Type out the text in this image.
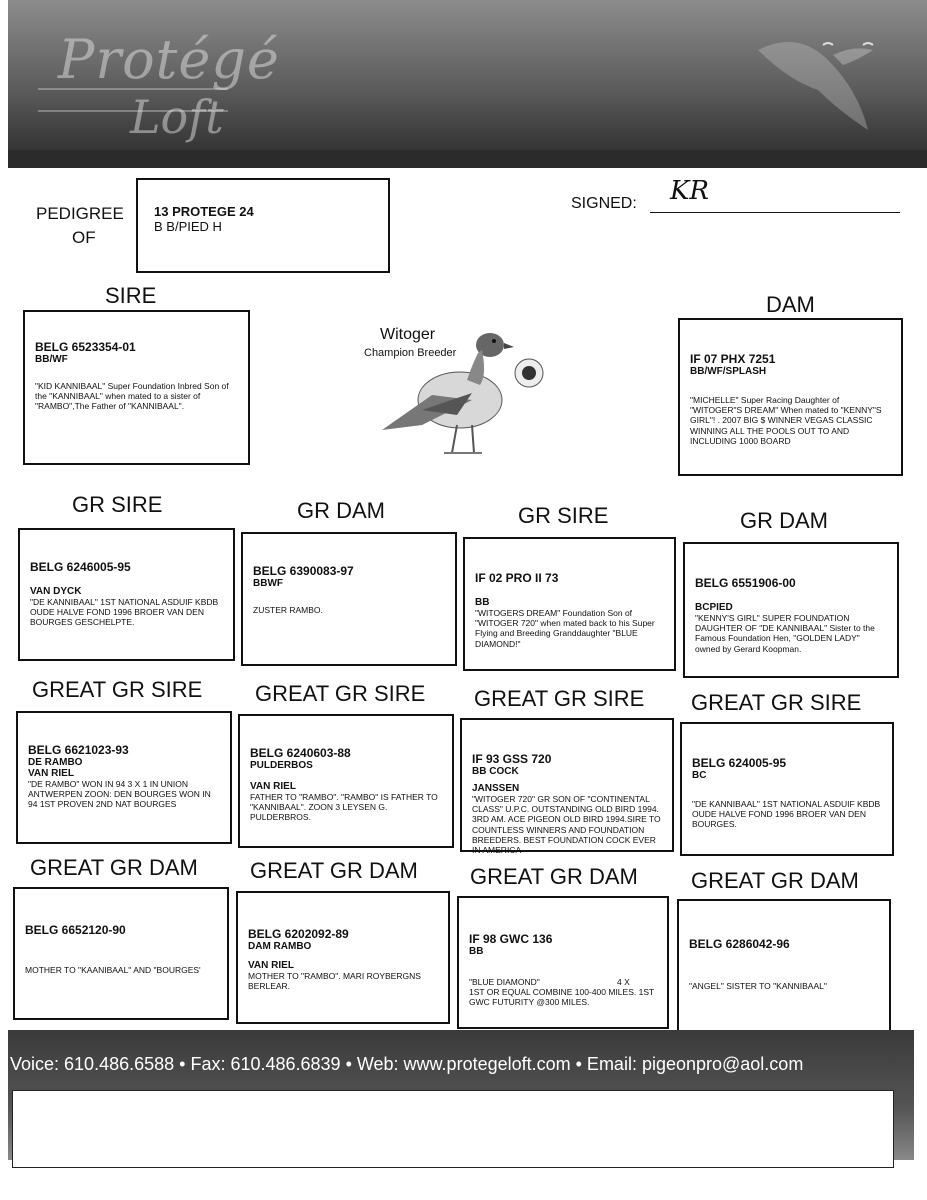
Protégé
Loft
PEDIGREE
OF
13 PROTEGE 24
B B/PIED H
SIGNED: KR
SIRE	DAM
BELG 6523354-01
BB/WF
"KID KANNIBAAL" Super Foundation Inbred Son of the "KANNIBAAL" when mated to a sister of "RAMBO",The Father of "KANNIBAAL".
Witoger
Champion Breeder	IF 07 PHX 7251
BB/WF/SPLASH
"MICHELLE" Super Racing Daughter of "WITOGER"S DREAM" When mated to "KENNY"S GIRL"! . 2007 BIG $ WINNER VEGAS CLASSIC WINNING ALL THE POOLS OUT TO AND INCLUDING 1000 BOARD
GR SIRE	GR DAM	GR SIRE	GR DAM
BELG 6246005-95
VAN DYCK
"DE KANNIBAAL" 1ST NATIONAL ASDUIF KBDB OUDE HALVE FOND 1996 BROER VAN DEN BOURGES GESCHELPTE.
BELG 6390083-97
BBWF
ZUSTER RAMBO.
IF 02 PRO II 73
BB
"WITOGERS DREAM" Foundation Son of "WITOGER 720" when mated back to his Super Flying and Breeding Granddaughter "BLUE DIAMOND!"
BELG 6551906-00
BCPIED
"KENNY'S GIRL" SUPER FOUNDATION DAUGHTER OF "DE KANNIBAAL" Sister to the Famous Foundation Hen, "GOLDEN LADY" owned by Gerard Koopman.
GREAT GR SIRE GREAT GR SIRE GREAT GR SIRE GREAT GR SIRE
BELG 6621023-93
DE RAMBO
VAN RIEL
"DE RAMBO" WON IN 94 3 X 1 IN UNION ANTWERPEN ZOON: DEN BOURGES WON IN 94 1ST PROVEN 2ND NAT BOURGES
BELG 6240603-88
PULDERBOS
VAN RIEL
FATHER TO "RAMBO". "RAMBO" IS FATHER TO "KANNIBAAL". ZOON 3 LEYSEN G. PULDERBROS.
IF 93 GSS 720
BB COCK
JANSSEN
"WITOGER 720" GR SON OF "CONTINENTAL CLASS" U.P.C. OUTSTANDING OLD BIRD 1994. 3RD AM. ACE PIGEON OLD BIRD 1994.SIRE TO COUNTLESS WINNERS AND FOUNDATION BREEDERS. BEST FOUNDATION COCK EVER IN AMERICA
BELG 624005-95
BC
"DE KANNIBAAL" 1ST NATIONAL ASDUIF KBDB OUDE HALVE FOND 1996 BROER VAN DEN BOURGES.
GREAT GR DAM GREAT GR DAM GREAT GR DAM GREAT GR DAM
BELG 6652120-90
MOTHER TO "KAANIBAAL" AND "BOURGES'
BELG 6202092-89
DAM RAMBO
VAN RIEL
MOTHER TO "RAMBO". MARI ROYBERGNS BERLEAR.
IF 98 GWC 136
BB
"BLUE DIAMOND"	4 X
1ST OR EQUAL COMBINE 100-400 MILES. 1ST GWC FUTURITY @300 MILES.
BELG 6286042-96
"ANGEL" SISTER TO "KANNIBAAL"
Voice: 610.486.6588 • Fax: 610.486.6839 • Web: www.protegeloft.com • Email: pigeonpro@aol.com
